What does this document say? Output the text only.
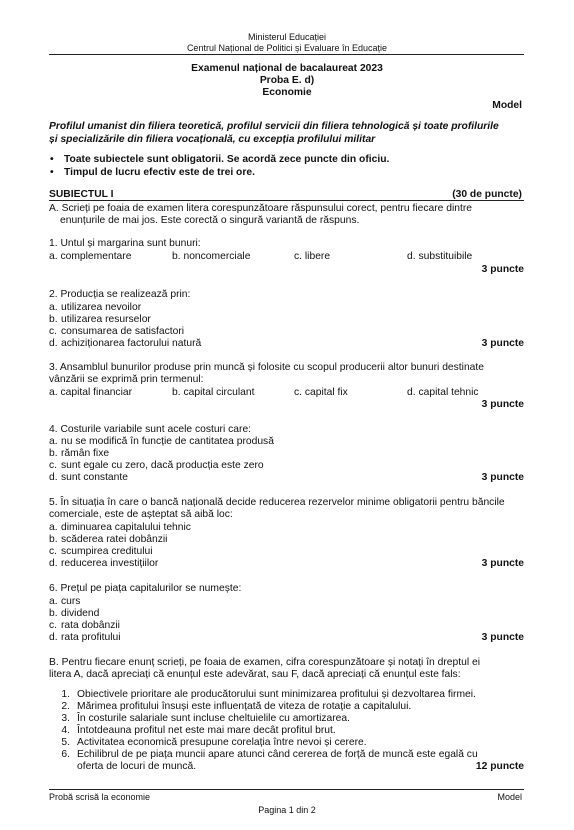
Ministerul Educației
Centrul Național de Politici și Evaluare în Educație
Examenul național de bacalaureat 2023
Proba E. d)
Economie
Model
Profilul umanist din filiera teoretică, profilul servicii din filiera tehnologică și toate profilurile
și specializările din filiera vocațională, cu excepția profilului militar
• Toate subiectele sunt obligatorii. Se acordă zece puncte din oficiu.
• Timpul de lucru efectiv este de trei ore.
SUBIECTUL I	(30 de puncte)
A. Scrieți pe foaia de examen litera corespunzătoare răspunsului corect, pentru fiecare dintre
enunțurile de mai jos. Este corectă o singură variantă de răspuns.
1. Untul și margarina sunt bunuri:
a. complementare	b. noncomerciale	c. libere	d. substituibile
3 puncte
2. Producția se realizează prin:
a. utilizarea nevoilor
b. utilizarea resurselor
c. consumarea de satisfactori
d. achiziționarea factorului natură	3 puncte
3. Ansamblul bunurilor produse prin muncă și folosite cu scopul producerii altor bunuri destinate
vânzării se exprimă prin termenul:
a. capital financiar	b. capital circulant	c. capital fix	d. capital tehnic
3 puncte
4. Costurile variabile sunt acele costuri care:
a. nu se modifică în funcție de cantitatea produsă
b. rămân fixe
c. sunt egale cu zero, dacă producția este zero
d. sunt constante	3 puncte
5. În situația în care o bancă națională decide reducerea rezervelor minime obligatorii pentru băncile
comerciale, este de așteptat să aibă loc:
a. diminuarea capitalului tehnic
b. scăderea ratei dobânzii
c. scumpirea creditului
d. reducerea investițiilor	3 puncte
6. Prețul pe piața capitalurilor se numește:
a. curs
b. dividend
c. rata dobânzii
d. rata profitului	3 puncte
B. Pentru fiecare enunț scrieți, pe foaia de examen, cifra corespunzătoare și notați în dreptul ei
litera A, dacă apreciați că enunțul este adevărat, sau F, dacă apreciați că enunțul este fals:
1. Obiectivele prioritare ale producătorului sunt minimizarea profitului și dezvoltarea firmei.
2. Mărimea profitului însuși este influențată de viteza de rotație a capitalului.
3. În costurile salariale sunt incluse cheltuielile cu amortizarea.
4. Întotdeauna profitul net este mai mare decât profitul brut.
5. Activitatea economică presupune corelația între nevoi și cerere.
6. Echilibrul de pe piața muncii apare atunci când cererea de forță de muncă este egală cu
oferta de locuri de muncă.	12 puncte
Probă scrisă la economie	Model
Pagina 1 din 2
